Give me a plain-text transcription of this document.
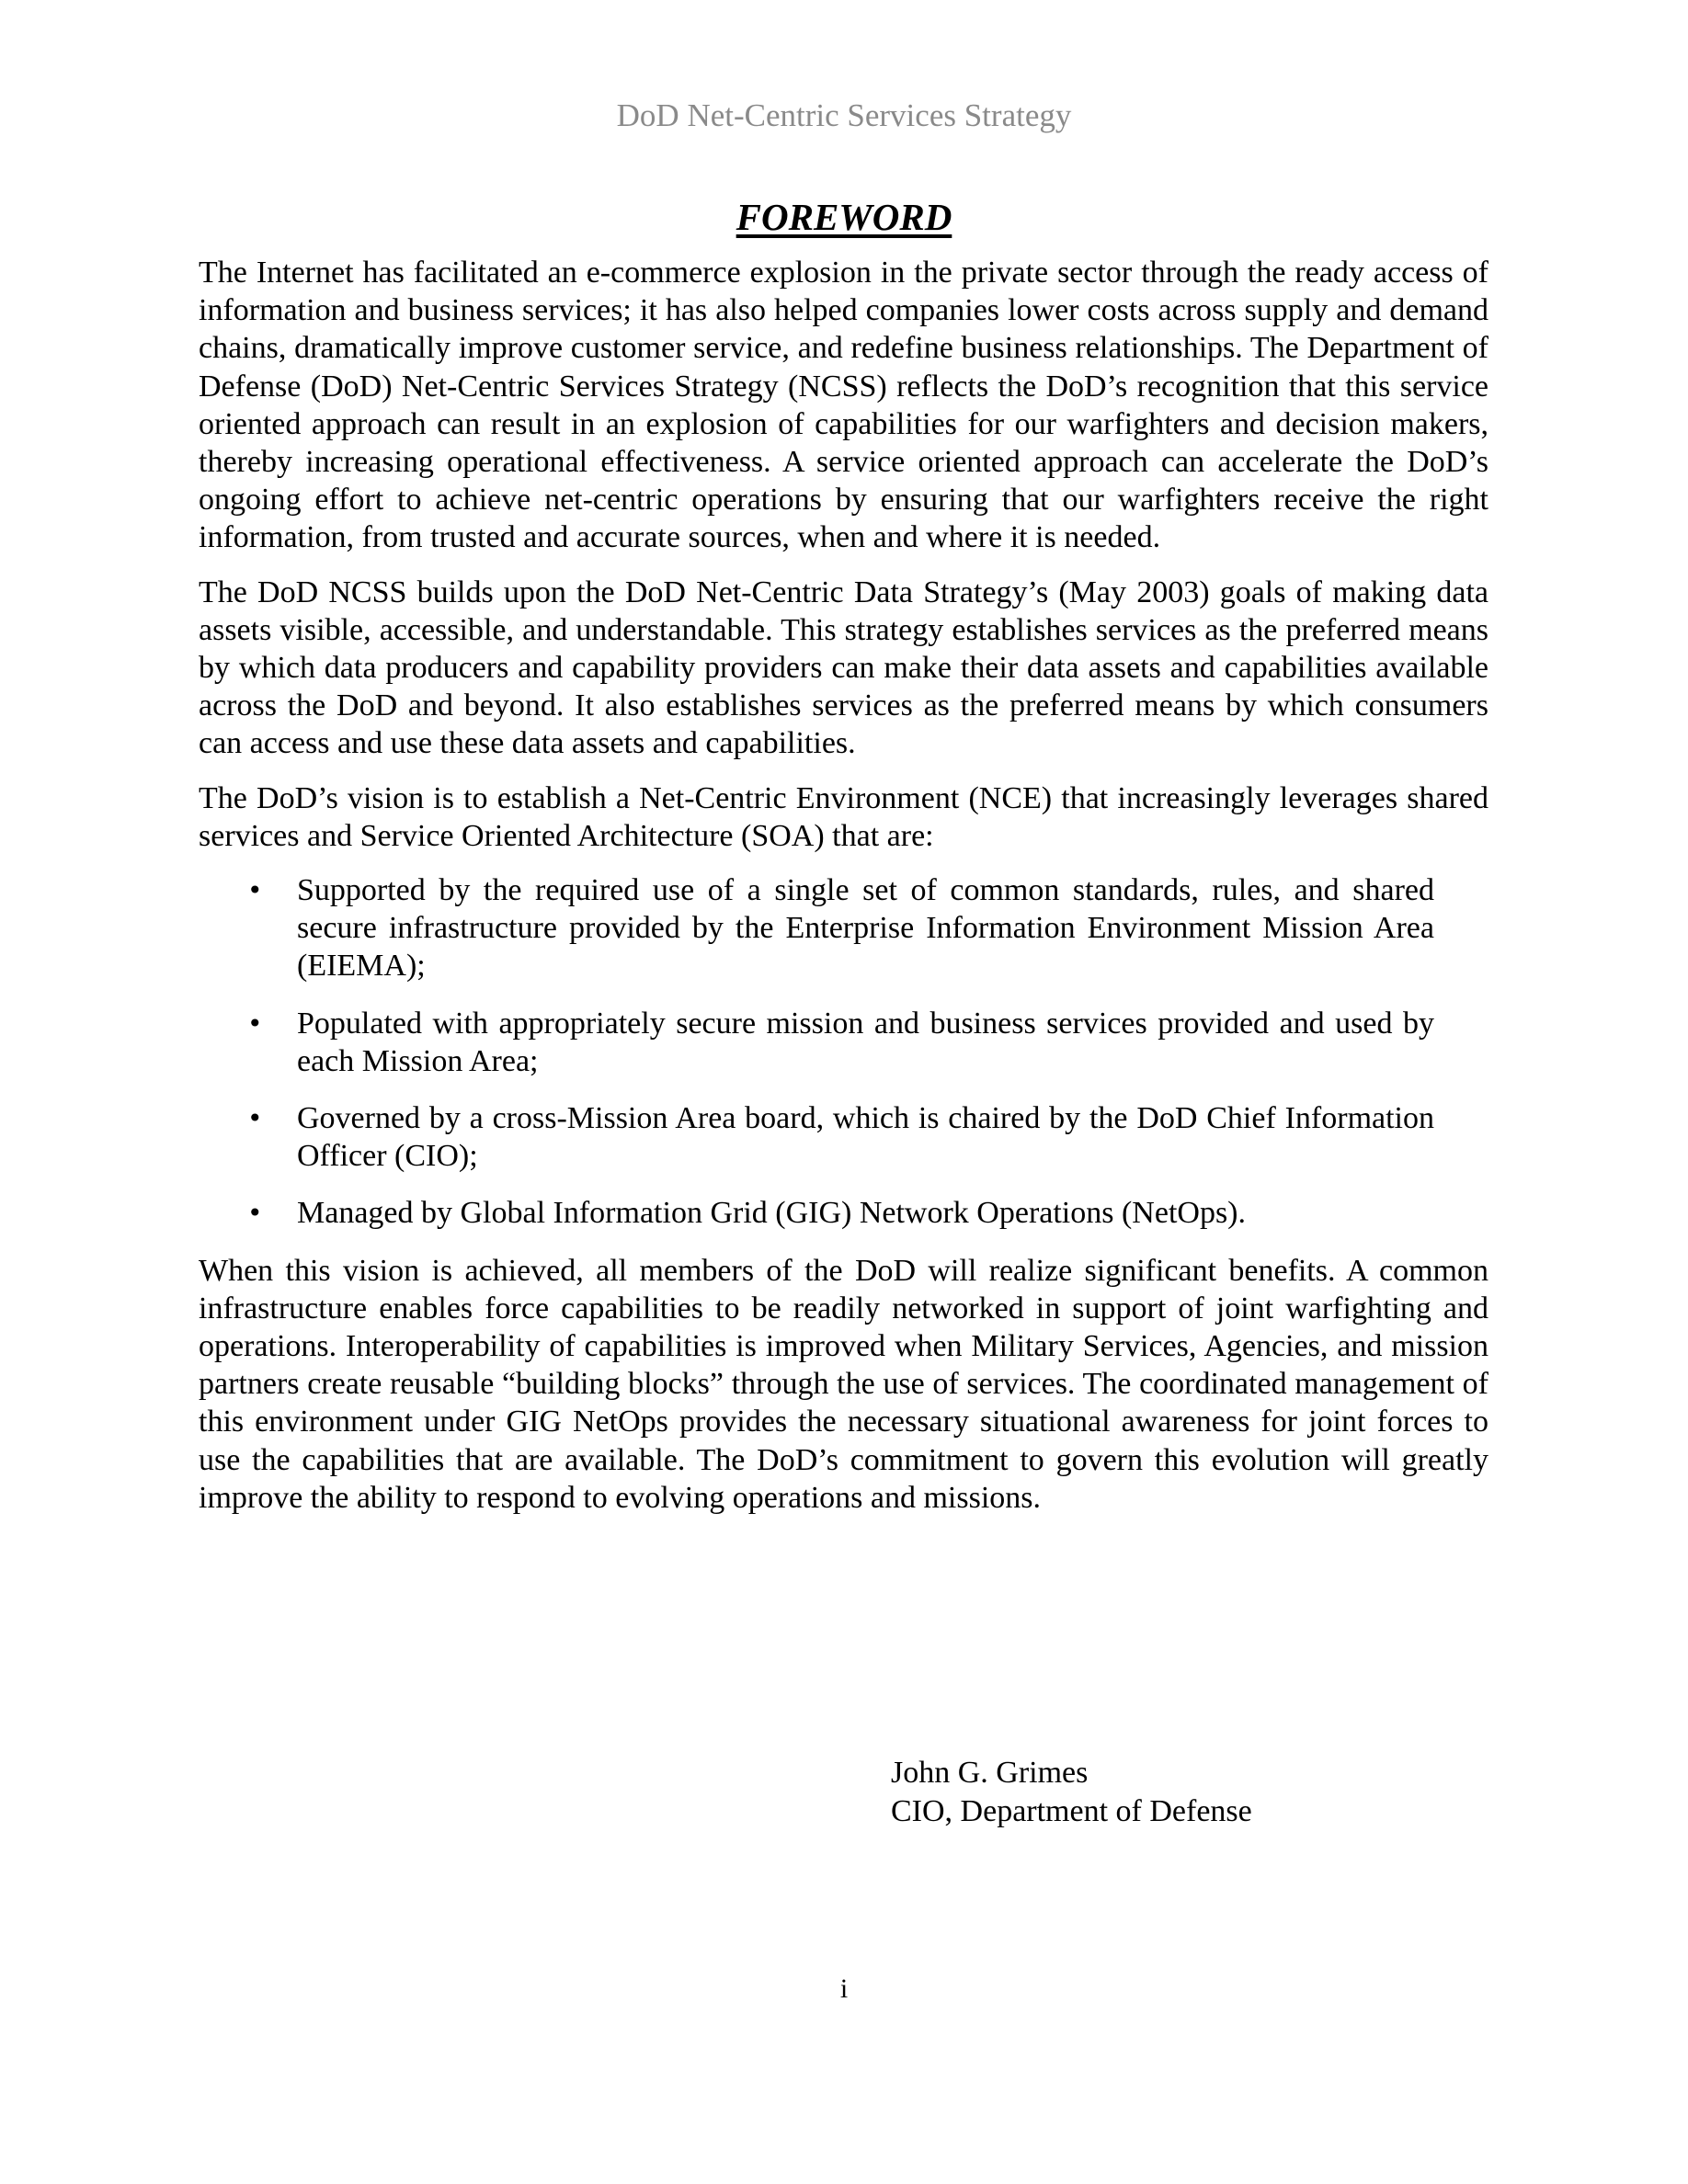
DoD Net-Centric Services Strategy
FOREWORD

The Internet has facilitated an e-commerce explosion in the private sector through the ready access of information and business services; it has also helped companies lower costs across supply and demand chains, dramatically improve customer service, and redefine business relationships. The Department of Defense (DoD) Net-Centric Services Strategy (NCSS) reflects the DoD’s recognition that this service oriented approach can result in an explosion of capabilities for our warfighters and decision makers, thereby increasing operational effectiveness. A service oriented approach can accelerate the DoD’s ongoing effort to achieve net-centric operations by ensuring that our warfighters receive the right information, from trusted and accurate sources, when and where it is needed.

The DoD NCSS builds upon the DoD Net-Centric Data Strategy’s (May 2003) goals of making data assets visible, accessible, and understandable. This strategy establishes services as the preferred means by which data producers and capability providers can make their data assets and capabilities available across the DoD and beyond. It also establishes services as the preferred means by which consumers can access and use these data assets and capabilities.

The DoD’s vision is to establish a Net-Centric Environment (NCE) that increasingly leverages shared services and Service Oriented Architecture (SOA) that are:

• Supported by the required use of a single set of common standards, rules, and shared secure infrastructure provided by the Enterprise Information Environment Mission Area (EIEMA);
• Populated with appropriately secure mission and business services provided and used by each Mission Area;
• Governed by a cross-Mission Area board, which is chaired by the DoD Chief Information Officer (CIO);
• Managed by Global Information Grid (GIG) Network Operations (NetOps).

When this vision is achieved, all members of the DoD will realize significant benefits. A common infrastructure enables force capabilities to be readily networked in support of joint warfighting and operations. Interoperability of capabilities is improved when Military Services, Agencies, and mission partners create reusable “building blocks” through the use of services. The coordinated management of this environment under GIG NetOps provides the necessary situational awareness for joint forces to use the capabilities that are available. The DoD’s commitment to govern this evolution will greatly improve the ability to respond to evolving operations and missions.

John G. Grimes
CIO, Department of Defense
i
